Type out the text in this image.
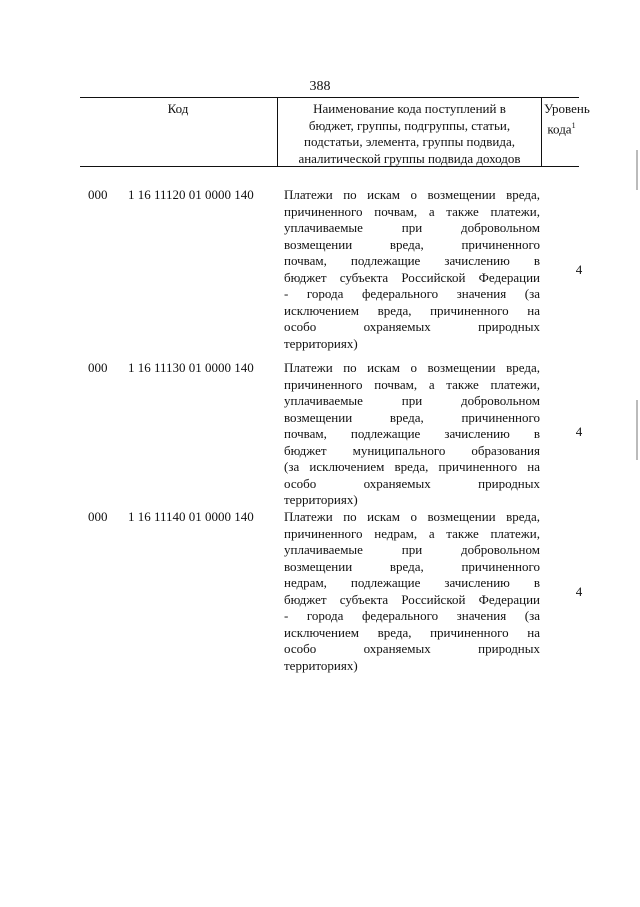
388
Код	Наименование кода поступлений в
бюджет, группы, подгруппы, статьи,
подстатьи, элемента, группы подвида,
аналитической группы подвида доходов
Уровень
кода$^1$
000 1 16 11120 01 0000 140 Платежи по искам о возмещении вреда,
причиненного почвам, а также платежи,
уплачиваемые при добровольном
возмещении вреда, причиненного
почвам, подлежащие зачислению в
бюджет субъекта Российской Федерации
- города федерального значения (за
исключением вреда, причиненного на
особо охраняемых природных
территориях)
4
000 1 16 11130 01 0000 140 Платежи по искам о возмещении вреда,
причиненного почвам, а также платежи,
уплачиваемые при добровольном
возмещении вреда, причиненного
почвам, подлежащие зачислению в
бюджет муниципального образования
(за исключением вреда, причиненного на
особо охраняемых природных
территориях)
4
000 1 16 11140 01 0000 140 Платежи по искам о возмещении вреда,
причиненного недрам, а также платежи,
уплачиваемые при добровольном
возмещении вреда, причиненного
недрам, подлежащие зачислению в
бюджет субъекта Российской Федерации
- города федерального значения (за
исключением вреда, причиненного на
особо охраняемых природных
территориях)
4
